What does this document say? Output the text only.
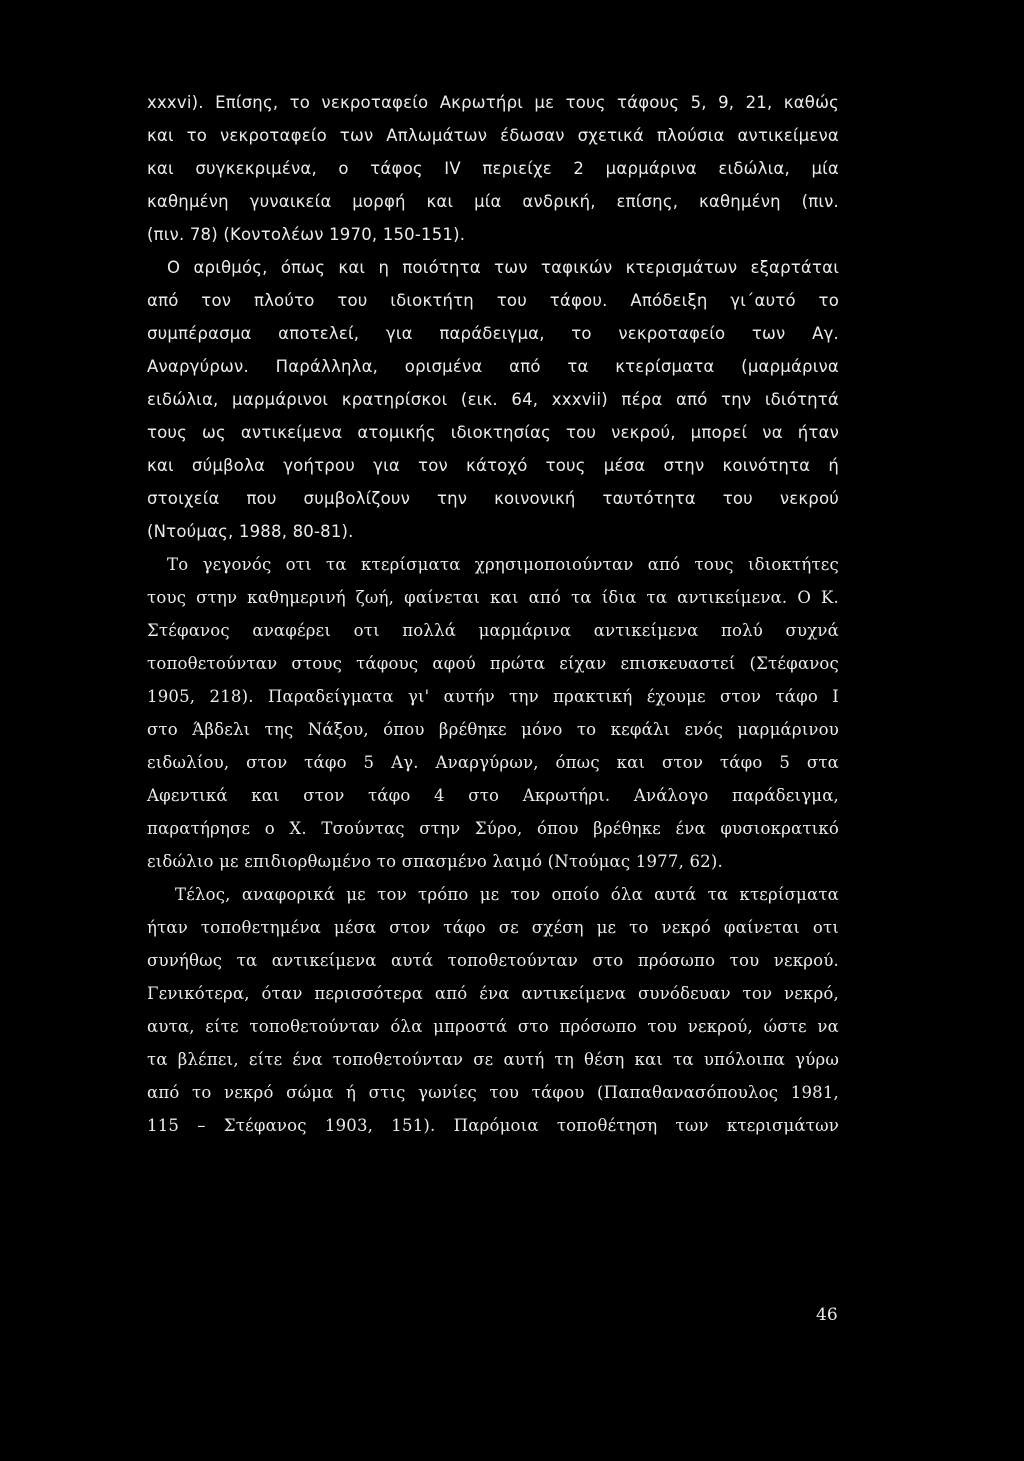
xxxvi). Επίσης, το νεκροταφείο Ακρωτήρι με τους τάφους 5, 9, 21, καθώς
και το νεκροταφείο των Απλωμάτων έδωσαν σχετικά πλούσια αντικείμενα
και συγκεκριμένα, ο τάφος IV περιείχε 2 μαρμάρινα ειδώλια, μία
καθημένη γυναικεία μορφή και μία ανδρική, επίσης, καθημένη (πιν.
(πιν. 78) (Κοντολέων 1970, 150-151).
Ο αριθμός, όπως και η ποιότητα των ταφικών κτερισμάτων εξαρτάται
από τον πλούτο του ιδιοκτήτη του τάφου. Απόδειξη γι΄αυτό το
συμπέρασμα αποτελεί, για παράδειγμα, το νεκροταφείο των Αγ.
Αναργύρων. Παράλληλα, ορισμένα από τα κτερίσματα (μαρμάρινα
ειδώλια, μαρμάρινοι κρατηρίσκοι (εικ. 64, xxxvii) πέρα από την ιδιότητά
τους ως αντικείμενα ατομικής ιδιοκτησίας του νεκρού, μπορεί να ήταν
και σύμβολα γοήτρου για τον κάτοχό τους μέσα στην κοινότητα ή
στοιχεία που συμβολίζουν την κοινονική ταυτότητα του νεκρού
(Ντούμας, 1988, 80-81).
Το γεγονός οτι τα κτερίσματα χρησιμοποιούνταν από τους ιδιοκτήτες
τους στην καθημερινή ζωή, φαίνεται και από τα ίδια τα αντικείμενα. Ο Κ.
Στέφανος αναφέρει οτι πολλά μαρμάρινα αντικείμενα πολύ συχνά
τοποθετούνταν στους τάφους αφού πρώτα είχαν επισκευαστεί (Στέφανος
1905, 218). Παραδείγματα γι' αυτήν την πρακτική έχουμε στον τάφο Ι
στο Άβδελι της Νάξου, όπου βρέθηκε μόνο το κεφάλι ενός μαρμάρινου
ειδωλίου, στον τάφο 5 Αγ. Αναργύρων, όπως και στον τάφο 5 στα
Αφεντικά και στον τάφο 4 στο Ακρωτήρι. Ανάλογο παράδειγμα,
παρατήρησε ο Χ. Τσούντας στην Σύρο, όπου βρέθηκε ένα φυσιοκρατικό
ειδώλιο με επιδιορθωμένο το σπασμένο λαιμό (Ντούμας 1977, 62).
Τέλος, αναφορικά με τον τρόπο με τον οποίο όλα αυτά τα κτερίσματα
ήταν τοποθετημένα μέσα στον τάφο σε σχέση με το νεκρό φαίνεται οτι
συνήθως τα αντικείμενα αυτά τοποθετούνταν στο πρόσωπο του νεκρού.
Γενικότερα, όταν περισσότερα από ένα αντικείμενα συνόδευαν τον νεκρό,
αυτα, είτε τοποθετούνταν όλα μπροστά στο πρόσωπο του νεκρού, ώστε να
τα βλέπει, είτε ένα τοποθετούνταν σε αυτή τη θέση και τα υπόλοιπα γύρω
από το νεκρό σώμα ή στις γωνίες του τάφου (Παπαθανασόπουλος 1981,
115 – Στέφανος 1903, 151). Παρόμοια τοποθέτηση των κτερισμάτων
46
